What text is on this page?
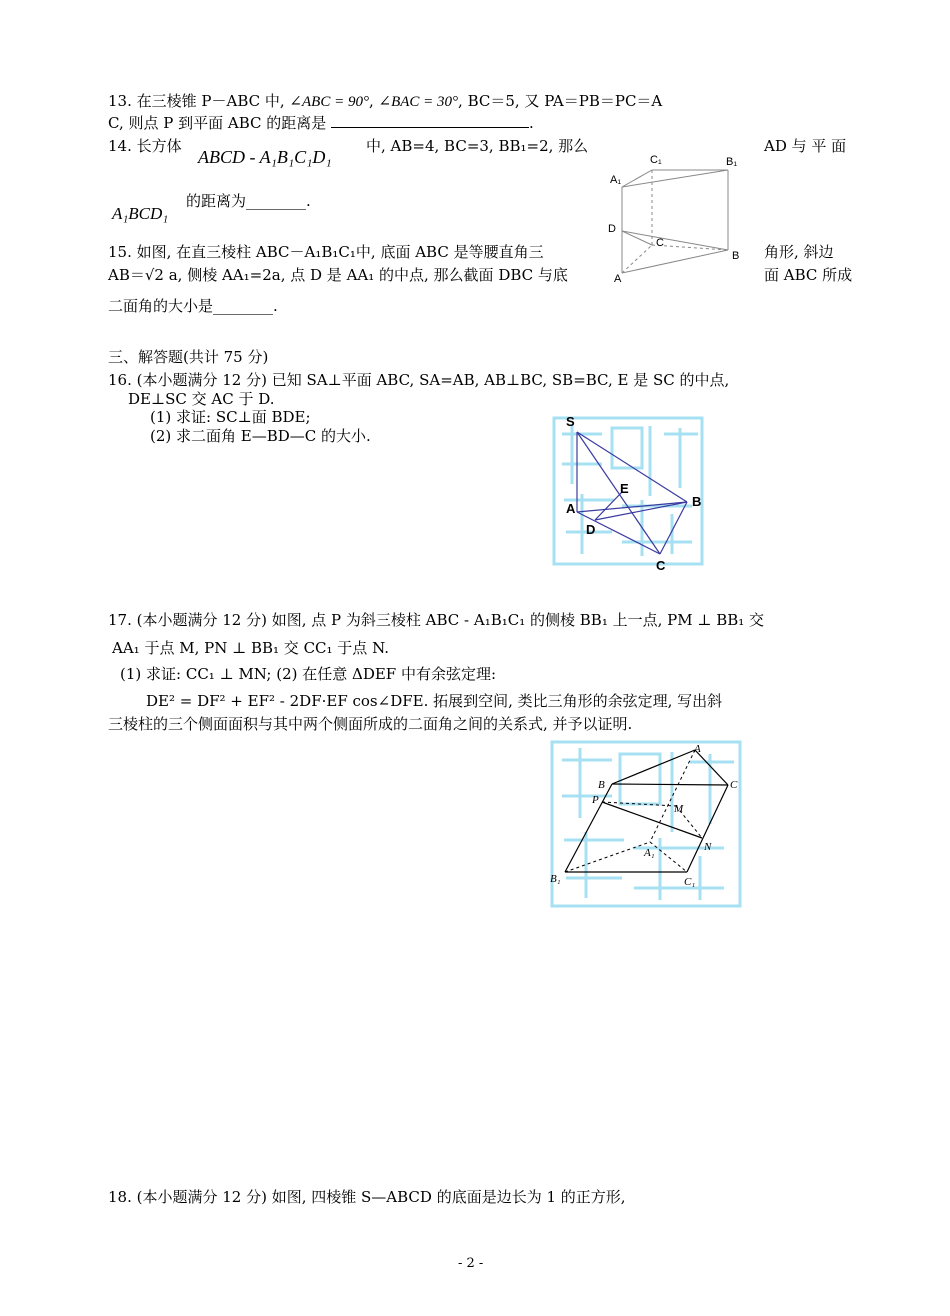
13. 在三棱锥 P－ABC 中, ∠ABC = 90°, ∠BAC = 30°, BC＝5, 又 PA＝PB＝PC＝A
C, 则点 P 到平面 ABC 的距离是	.
14. 长方体
ABCD - A₁B₁C₁D₁
中, AB=4, BC=3, BB₁=2, 那么	AD 与 平 面
A₁BCD₁
的距离为________.
C₁	B₁
A₁
D
C
A
B
15. 如图, 在直三棱柱 ABC－A₁B₁C₁中, 底面 ABC 是等腰直角三	角形, 斜边
AB＝√2 a, 侧棱 AA₁=2a, 点 D 是 AA₁ 的中点, 那么截面 DBC 与底	面 ABC 所成
二面角的大小是________.
三、解答题(共计 75 分)
16. (本小题满分 12 分) 已知 SA⊥平面 ABC, SA=AB, AB⊥BC, SB=BC, E 是 SC 的中点,
DE⊥SC 交 AC 于 D.
(1) 求证: SC⊥面 BDE;
(2) 求二面角 E—BD—C 的大小.
S
E
B
A
D
C
17. (本小题满分 12 分) 如图, 点 P 为斜三棱柱 ABC - A₁B₁C₁ 的侧棱 BB₁ 上一点, PM ⊥ BB₁ 交
AA₁ 于点 M, PN ⊥ BB₁ 交 CC₁ 于点 N.
(1) 求证: CC₁ ⊥ MN; (2) 在任意 ΔDEF 中有余弦定理:
DE² = DF² + EF² - 2DF·EF cos∠DFE. 拓展到空间, 类比三角形的余弦定理, 写出斜
三棱柱的三个侧面面积与其中两个侧面所成的二面角之间的关系式, 并予以证明.
A
B	C
P
M
A₁	N
B₁	C₁
18. (本小题满分 12 分) 如图, 四棱锥 S—ABCD 的底面是边长为 1 的正方形,
- 2 -
